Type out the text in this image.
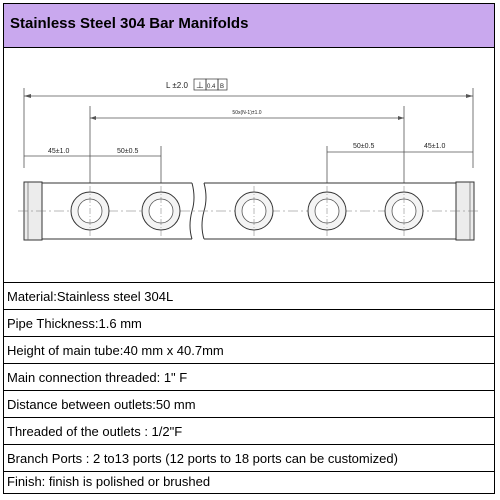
Stainless Steel 304 Bar Manifolds
L ±2.0 ⊥ 0.4 B
50x(N-1)±1.0
45±1.0	50±0.5
50±0.5	45±1.0
Material:Stainless steel 304L
Pipe Thickness:1.6 mm
Height of main tube:40 mm x 40.7mm
Main connection threaded: 1" F
Distance between outlets:50 mm
Threaded of the outlets : 1/2"F
Branch Ports : 2 to13 ports (12 ports to 18 ports can be customized)
Finish: finish is polished or brushed
